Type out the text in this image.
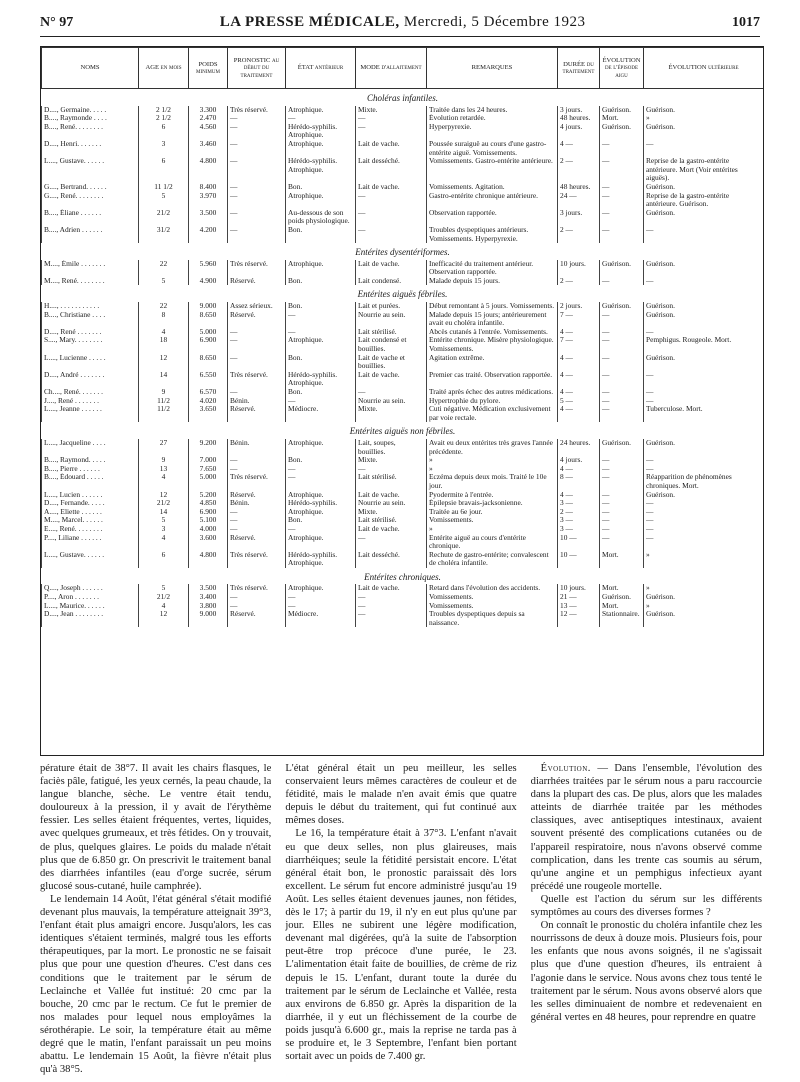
N° 97	LA PRESSE MÉDICALE, Mercredi, 5 Décembre 1923	1017
NOMS	AGE en mois	POIDS minimum	PRONOSTIC au début du traitement	ÉTAT antérieur	MODE d'allaitement	REMARQUES	DURÉE du traitement	ÉVOLUTION de l'épisode aigu	ÉVOLUTION ultérieure
Choléras infantiles.									
D...., Germaine. . . . .	2 1/2	3.300	Très réservé.	Atrophique.	Mixte.	Traitée dans les 24 heures.	3 jours.	Guérison.	Guérison.
B...., Raymonde . . . .	2 1/2	2.470	—	—	—	Évolution retardée.	48 heures.	Mort.	»
B...., René. . . . . . . .	6	4.560	—	Hérédo-syphilis. Atrophique.	—	Hyperpyrexie.	4 jours.	Guérison.	Guérison.
D...., Henri. . . . . . .	3	3.460	—	Atrophique.	Lait de vache.	Poussée suraiguë au cours d'une gastro-entérite aiguë. Vomissements.	4 —	—	—
L...., Gustave. . . . . .	6	4.800	—	Hérédo-syphilis. Atrophique.	Lait desséché.	Vomissements. Gastro-entérite antérieure.	2 —	—	Reprise de la gastro-entérite antérieure. Mort (Voir entérites aiguës).
G...., Bertrand. . . . . .	11 1/2	8.400	—	Bon.	Lait de vache.	Vomissements. Agitation.	48 heures.	—	Guérison.
G...., René. . . . . . . .	5	3.970	—	Atrophique.	—	Gastro-entérite chronique antérieure.	24 —	—	Reprise de la gastro-entérite antérieure. Guérison.
B...., Éliane . . . . . .	21/2	3.500	—	Au-dessous de son poids physiologique.	—	Observation rapportée.	3 jours.	—	Guérison.
B...., Adrien . . . . . .	31/2	4.200	—	Bon.	—	Troubles dyspeptiques antérieurs. Vomissements. Hyperpyrexie.	2 —	—	—
Entérites dysentériformes.									
M...., Émile . . . . . . .	22	5.960	Très réservé.	Atrophique.	Lait de vache.	Inefficacité du traitement antérieur. Observation rapportée.	10 jours.	Guérison.	Guérison.
M...., René. . . . . . . .	5	4.900	Réservé.	Bon.	Lait condensé.	Malade depuis 15 jours.	2 —	—	—
Entérites aiguës fébriles.									
H...., . . . . . . . . . . .	22	9.000	Assez sérieux.	Bon.	Lait et purées.	Début remontant à 5 jours. Vomissements.	2 jours.	Guérison.	Guérison.
B...., Christiane . . . .	8	8.650	Réservé.	—	Nourrie au sein.	Malade depuis 15 jours; antérieurement avait eu choléra infantile.	7 —	—	Guérison.
D...., René . . . . . . .	4	5.000	—	—	Lait stérilisé.	Abcès cutanés à l'entrée. Vomissements.	4 —	—	—
S...., Mary. . . . . . . .	18	6.900	—	Atrophique.	Lait condensé et bouillies.	Entérite chronique. Misère physiologique. Vomissements.	7 —	—	Pemphigus. Rougeole. Mort.
L...., Lucienne . . . . .	12	8.650	—	Bon.	Lait de vache et bouillies.	Agitation extrême.	4 —	—	Guérison.
D...., André . . . . . . .	14	6.550	Très réservé.	Hérédo-syphilis. Atrophique.	Lait de vache.	Premier cas traité. Observation rapportée.	4 —	—	—
Ch...., René. . . . . . .	9	6.570	—	Bon.	—	Traité après échec des autres médications.	4 —	—	—
J...., René . . . . . . .	11/2	4.020	Bénin.	—	Nourrie au sein.	Hypertrophie du pylore.	5 —	—	—
L...., Jeanne . . . . . .	11/2	3.650	Réservé.	Médiocre.	Mixte.	Cuti négative. Médication exclusivement par voie rectale.	4 —	—	Tuberculose. Mort.
Entérites aiguës non fébriles.									
L...., Jacqueline . . . .	27	9.200	Bénin.	Atrophique.	Lait, soupes, bouillies.	Avait eu deux entérites très graves l'année précédente.	24 heures.	Guérison.	Guérison.
B...., Raymond. . . . .	9	7.000	—	Bon.	Mixte.	»	4 jours.	—	—
B...., Pierre . . . . . .	13	7.650	—	—	—	»	4 —	—	—
B...., Édouard . . . . .	4	5.000	Très réservé.	—	Lait stérilisé.	Eczéma depuis deux mois. Traité le 10e jour.	8 —	—	Réapparition de phénomènes chroniques. Mort.
L...., Lucien . . . . . .	12	5.200	Réservé.	Atrophique.	Lait de vache.	Pyodermite à l'entrée.	4 —	—	Guérison.
D...., Fernande. . . . .	21/2	4.850	Bénin.	Hérédo-syphilis.	Nourrie au sein.	Épilepsie bravais-jacksonienne.	3 —	—	—
A...., Eliette . . . . . .	14	6.900	—	Atrophique.	Mixte.	Traitée au 6e jour.	2 —	—	—
M...., Marcel. . . . . .	5	5.100	—	Bon.	Lait stérilisé.	Vomissements.	3 —	—	—
E...., René. . . . . . . .	3	4.000	—	—	Lait de vache.	»	3 —	—	—
P...., Liliane . . . . . .	4	3.600	Réservé.	Atrophique.	—	Entérite aiguë au cours d'entérite chronique.	10 —	—	—
L...., Gustave. . . . . .	6	4.800	Très réservé.	Hérédo-syphilis. Atrophique.	Lait desséché.	Rechute de gastro-entérite; convalescent de choléra infantile.	10 —	Mort.	»
Entérites chroniques.									
Q...., Joseph . . . . . .	5	3.500	Très réservé.	Atrophique.	Lait de vache.	Retard dans l'évolution des accidents.	10 jours.	Mort.	»
P...., Aron . . . . . . .	21/2	3.400	—	—	—	Vomissements.	21 —	Guérison.	Guérison.
L...., Maurice. . . . . .	4	3.800	—	—	—	Vomissements.	13 —	Mort.	»
D...., Jean . . . . . . . .	12	9.000	Réservé.	Médiocre.	—	Troubles dyspeptiques depuis sa naissance.	12 —	Stationnaire.	Guérison.

pérature était de 38°7. Il avait les chairs flasques, le faciès pâle, fatigué, les yeux cernés, la peau chaude, la langue blanche, sèche. Le ventre était tendu, douloureux à la pression, il y avait de l'érythème fessier. Les selles étaient fréquentes, vertes, liquides, avec quelques grumeaux, et très fétides. On y trouvait, de plus, quelques glaires. Le poids du malade n'était plus que de 6.850 gr. On prescrivit le traitement banal des diarrhées infantiles (eau d'orge sucrée, sérum glucosé sous-cutané, huile camphrée).

Le lendemain 14 Août, l'état général s'était modifié devenant plus mauvais, la température atteignait 39°3, l'enfant était plus amaigri encore. Jusqu'alors, les cas identiques s'étaient terminés, malgré tous les efforts thérapeutiques, par la mort. Le pronostic ne se faisait plus que pour une question d'heures. C'est dans ces conditions que le traitement par le sérum de Leclainche et Vallée fut institué: 20 cmc par la bouche, 20 cmc par le rectum. Ce fut le premier de nos malades pour lequel nous employâmes la sérothérapie. Le soir, la température était au même degré que le matin, l'enfant paraissait un peu moins abattu. Le lendemain 15 Août, la fièvre n'était plus qu'à 38°5.

L'état général était un peu meilleur, les selles conservaient leurs mêmes caractères de couleur et de fétidité, mais le malade n'en avait émis que quatre depuis le début du traitement, qui fut continué aux mêmes doses.

Le 16, la température était à 37°3. L'enfant n'avait eu que deux selles, non plus glaireuses, mais diarrhéiques; seule la fétidité persistait encore. L'état général était bon, le pronostic paraissait dès lors excellent. Le sérum fut encore administré jusqu'au 19 Août. Les selles étaient devenues jaunes, non fétides, dès le 17; à partir du 19, il n'y en eut plus qu'une par jour. Elles ne subirent une légère modification, devenant mal digérées, qu'à la suite de l'absorption peut-être trop précoce d'une purée, le 23. L'alimentation était faite de bouillies, de crème de riz depuis le 15. L'enfant, durant toute la durée du traitement par le sérum de Leclainche et Vallée, resta aux environs de 6.850 gr. Après la disparition de la diarrhée, il y eut un fléchissement de la courbe de poids jusqu'à 6.600 gr., mais la reprise ne tarda pas à se produire et, le 3 Septembre, l'enfant bien portant sortait avec un poids de 7.400 gr.

Évolution. — Dans l'ensemble, l'évolution des diarrhées traitées par le sérum nous a paru raccourcie dans la plupart des cas. De plus, alors que les malades atteints de diarrhée traitée par les méthodes classiques, avec antiseptiques intestinaux, avaient souvent présenté des complications cutanées ou de l'appareil respiratoire, nous n'avons observé comme complication, dans les trente cas soumis au sérum, qu'une angine et un pemphigus infectieux ayant précédé une rougeole mortelle.

Quelle est l'action du sérum sur les différents symptômes au cours des diverses formes ?

On connaît le pronostic du choléra infantile chez les nourrissons de deux à douze mois. Plusieurs fois, pour les enfants que nous avons soignés, il ne s'agissait plus que d'une question d'heures, ils entraient à l'agonie dans le service. Nous avons chez tous tenté le traitement par le sérum. Nous avons observé alors que les selles diminuaient de nombre et redevenaient en général vertes en 48 heures, pour reprendre en quatre
